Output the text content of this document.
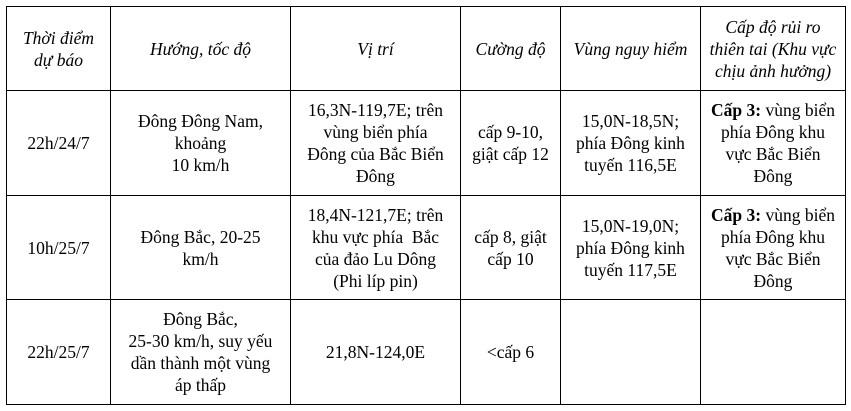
Thời điểm
dự báo	Hướng, tốc độ	Vị trí	Cường độ	Vùng nguy hiểm	Cấp độ rủi ro
thiên tai (Khu vực
chịu ảnh hưởng)
22h/24/7	Đông Đông Nam,
khoảng
10 km/h	16,3N-119,7E; trên
vùng biển phía
Đông của Bắc Biển
Đông	cấp 9-10,
giật cấp 12	15,0N-18,5N;
phía Đông kinh
tuyến 116,5E	Cấp 3: vùng biển
phía Đông khu
vực Bắc Biển
Đông
10h/25/7	Đông Bắc, 20-25
km/h	18,4N-121,7E; trên
khu vực phía  Bắc
của đảo Lu Dông
(Phi líp pin)	cấp 8, giật
cấp 10	15,0N-19,0N;
phía Đông kinh
tuyến 117,5E	Cấp 3: vùng biển
phía Đông khu
vực Bắc Biển
Đông
22h/25/7	Đông Bắc,
25-30 km/h, suy yếu
dần thành một vùng
áp thấp	21,8N-124,0E	<cấp 6		
